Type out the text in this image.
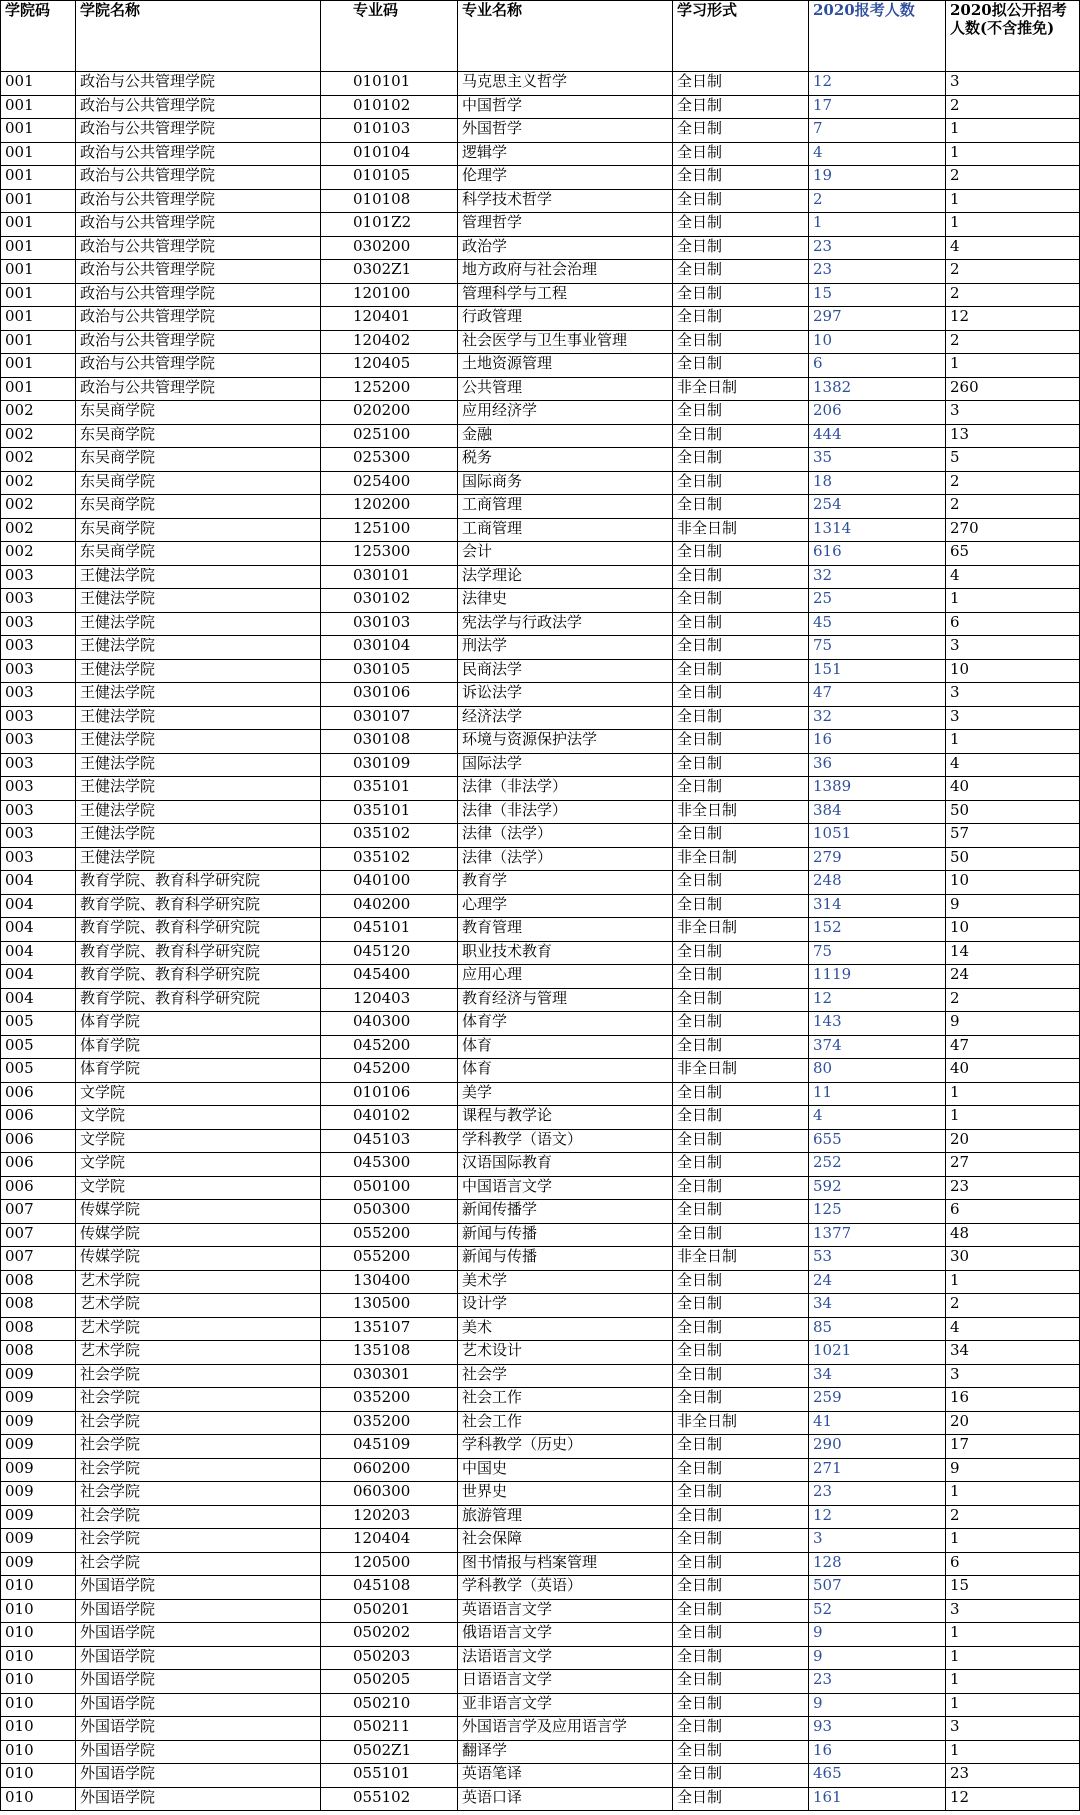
学院码	学院名称	专业码	专业名称	学习形式	2020报考人数	2020拟公开招考人数(不含推免)
001	政治与公共管理学院	010101	马克思主义哲学	全日制	12	3
001	政治与公共管理学院	010102	中国哲学	全日制	17	2
001	政治与公共管理学院	010103	外国哲学	全日制	7	1
001	政治与公共管理学院	010104	逻辑学	全日制	4	1
001	政治与公共管理学院	010105	伦理学	全日制	19	2
001	政治与公共管理学院	010108	科学技术哲学	全日制	2	1
001	政治与公共管理学院	0101Z2	管理哲学	全日制	1	1
001	政治与公共管理学院	030200	政治学	全日制	23	4
001	政治与公共管理学院	0302Z1	地方政府与社会治理	全日制	23	2
001	政治与公共管理学院	120100	管理科学与工程	全日制	15	2
001	政治与公共管理学院	120401	行政管理	全日制	297	12
001	政治与公共管理学院	120402	社会医学与卫生事业管理	全日制	10	2
001	政治与公共管理学院	120405	土地资源管理	全日制	6	1
001	政治与公共管理学院	125200	公共管理	非全日制	1382	260
002	东吴商学院	020200	应用经济学	全日制	206	3
002	东吴商学院	025100	金融	全日制	444	13
002	东吴商学院	025300	税务	全日制	35	5
002	东吴商学院	025400	国际商务	全日制	18	2
002	东吴商学院	120200	工商管理	全日制	254	2
002	东吴商学院	125100	工商管理	非全日制	1314	270
002	东吴商学院	125300	会计	全日制	616	65
003	王健法学院	030101	法学理论	全日制	32	4
003	王健法学院	030102	法律史	全日制	25	1
003	王健法学院	030103	宪法学与行政法学	全日制	45	6
003	王健法学院	030104	刑法学	全日制	75	3
003	王健法学院	030105	民商法学	全日制	151	10
003	王健法学院	030106	诉讼法学	全日制	47	3
003	王健法学院	030107	经济法学	全日制	32	3
003	王健法学院	030108	环境与资源保护法学	全日制	16	1
003	王健法学院	030109	国际法学	全日制	36	4
003	王健法学院	035101	法律（非法学）	全日制	1389	40
003	王健法学院	035101	法律（非法学）	非全日制	384	50
003	王健法学院	035102	法律（法学）	全日制	1051	57
003	王健法学院	035102	法律（法学）	非全日制	279	50
004	教育学院、教育科学研究院	040100	教育学	全日制	248	10
004	教育学院、教育科学研究院	040200	心理学	全日制	314	9
004	教育学院、教育科学研究院	045101	教育管理	非全日制	152	10
004	教育学院、教育科学研究院	045120	职业技术教育	全日制	75	14
004	教育学院、教育科学研究院	045400	应用心理	全日制	1119	24
004	教育学院、教育科学研究院	120403	教育经济与管理	全日制	12	2
005	体育学院	040300	体育学	全日制	143	9
005	体育学院	045200	体育	全日制	374	47
005	体育学院	045200	体育	非全日制	80	40
006	文学院	010106	美学	全日制	11	1
006	文学院	040102	课程与教学论	全日制	4	1
006	文学院	045103	学科教学（语文）	全日制	655	20
006	文学院	045300	汉语国际教育	全日制	252	27
006	文学院	050100	中国语言文学	全日制	592	23
007	传媒学院	050300	新闻传播学	全日制	125	6
007	传媒学院	055200	新闻与传播	全日制	1377	48
007	传媒学院	055200	新闻与传播	非全日制	53	30
008	艺术学院	130400	美术学	全日制	24	1
008	艺术学院	130500	设计学	全日制	34	2
008	艺术学院	135107	美术	全日制	85	4
008	艺术学院	135108	艺术设计	全日制	1021	34
009	社会学院	030301	社会学	全日制	34	3
009	社会学院	035200	社会工作	全日制	259	16
009	社会学院	035200	社会工作	非全日制	41	20
009	社会学院	045109	学科教学（历史）	全日制	290	17
009	社会学院	060200	中国史	全日制	271	9
009	社会学院	060300	世界史	全日制	23	1
009	社会学院	120203	旅游管理	全日制	12	2
009	社会学院	120404	社会保障	全日制	3	1
009	社会学院	120500	图书情报与档案管理	全日制	128	6
010	外国语学院	045108	学科教学（英语）	全日制	507	15
010	外国语学院	050201	英语语言文学	全日制	52	3
010	外国语学院	050202	俄语语言文学	全日制	9	1
010	外国语学院	050203	法语语言文学	全日制	9	1
010	外国语学院	050205	日语语言文学	全日制	23	1
010	外国语学院	050210	亚非语言文学	全日制	9	1
010	外国语学院	050211	外国语言学及应用语言学	全日制	93	3
010	外国语学院	0502Z1	翻译学	全日制	16	1
010	外国语学院	055101	英语笔译	全日制	465	23
010	外国语学院	055102	英语口译	全日制	161	12
